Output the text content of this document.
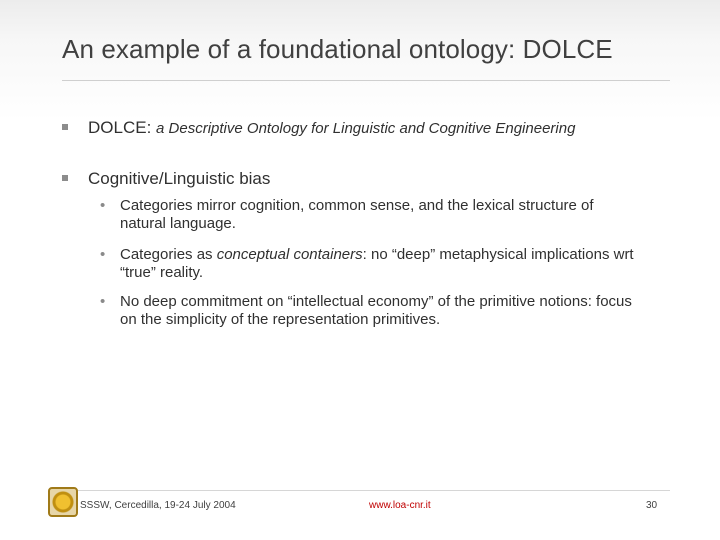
An example of a foundational ontology: DOLCE
DOLCE: a Descriptive Ontology for Linguistic and Cognitive Engineering
Cognitive/Linguistic bias
• Categories mirror cognition, common sense, and the lexical structure of natural language.
• Categories as conceptual containers: no “deep” metaphysical implications wrt “true” reality.
• No deep commitment on “intellectual economy” of the primitive notions: focus on the simplicity of the representation primitives.
SSSW, Cercedilla, 19-24 July 2004	www.loa-cnr.it	30
